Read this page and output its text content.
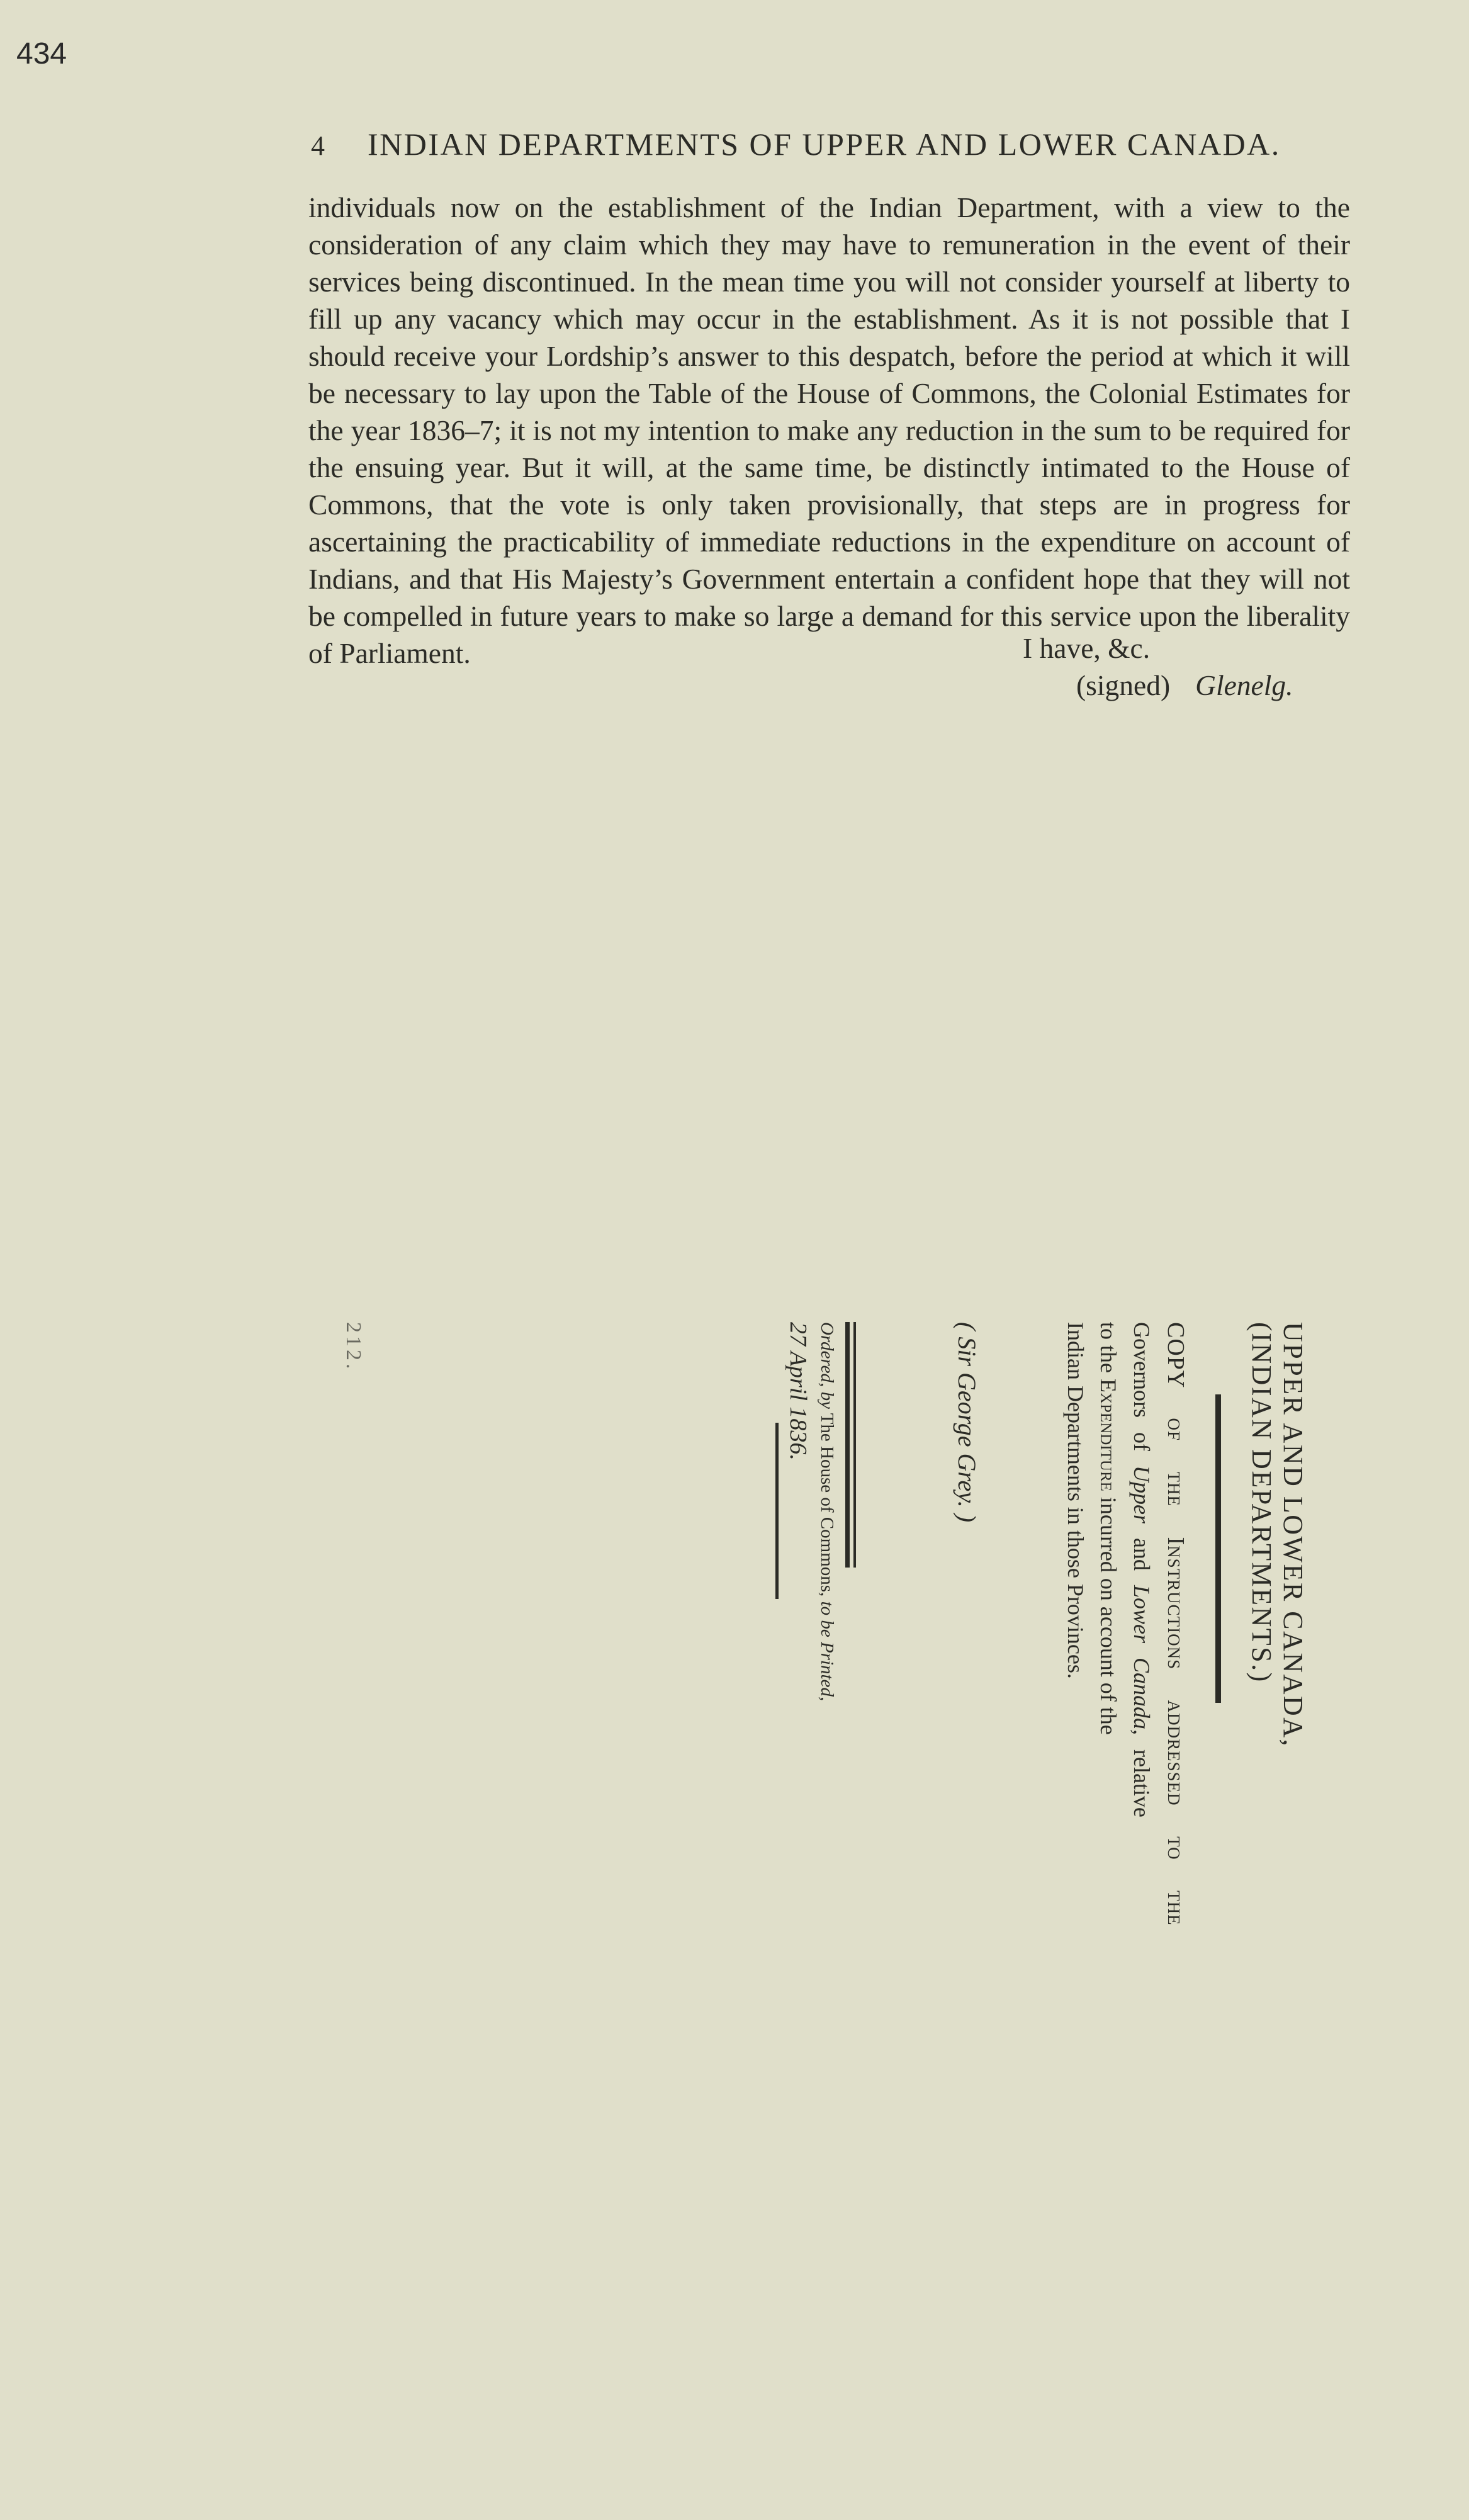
434
4 INDIAN DEPARTMENTS OF UPPER AND LOWER CANADA.

individuals now on the establishment of the Indian Department, with a view to the consideration of any claim which they may have to remuneration in the event of their services being discontinued. In the mean time you will not consider yourself at liberty to fill up any vacancy which may occur in the establishment. As it is not possible that I should receive your Lordship’s answer to this despatch, before the period at which it will be necessary to lay upon the Table of the House of Commons, the Colonial Estimates for the year 1836–7; it is not my intention to make any reduction in the sum to be required for the ensuing year. But it will, at the same time, be distinctly intimated to the House of Commons, that the vote is only taken provisionally, that steps are in progress for ascertaining the practicability of immediate reductions in the expenditure on account of Indians, and that His Majesty’s Government entertain a confident hope that they will not be compelled in future years to make so large a demand for this service upon the liberality of Parliament.	I have, &c.
(signed) Glenelg.
UPPER AND LOWER CANADA,
(INDIAN DEPARTMENTS.)
COPY of the Instructions addressed to the
Governors of Upper and Lower Canada, relative
to the Expenditure incurred on account of the
Indian Departments in those Provinces.
( Sir George Grey. )
Ordered, by The House of Commons, to be Printed,
27 April 1836.
212.
